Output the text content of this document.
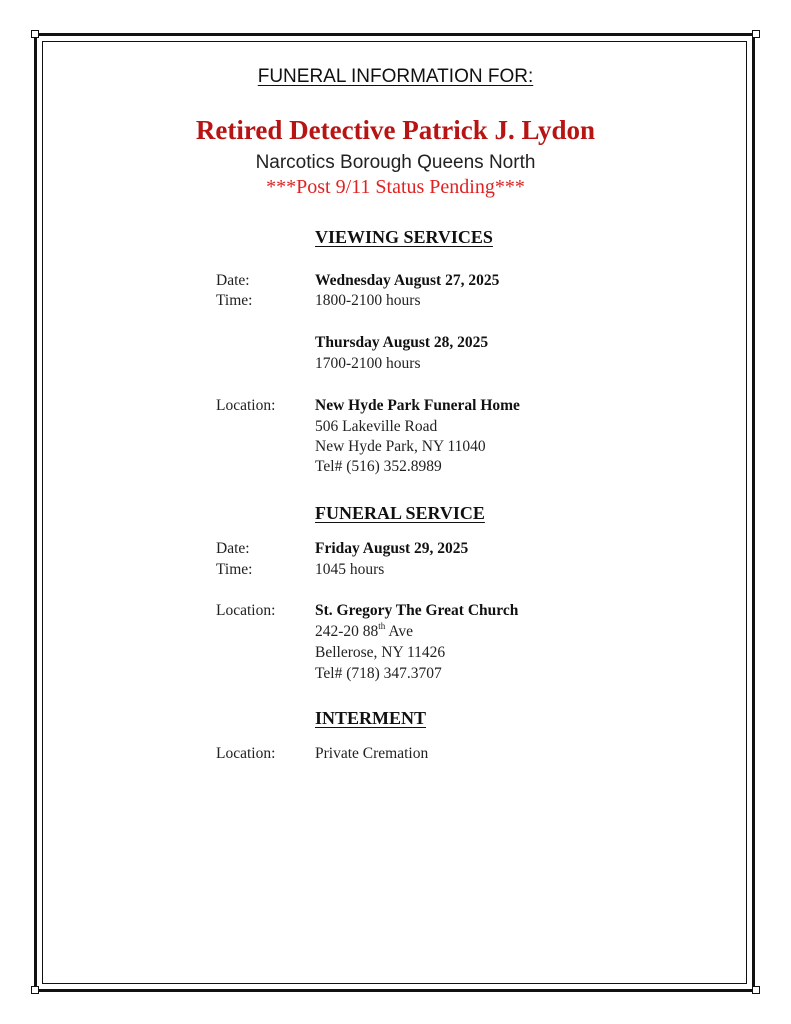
FUNERAL INFORMATION FOR:
Retired Detective Patrick J. Lydon
Narcotics Borough Queens North
***Post 9/11 Status Pending***
VIEWING SERVICES
Date:	Wednesday August 27, 2025
Time:	1800-2100 hours
Thursday August 28, 2025
1700-2100 hours
Location:	New Hyde Park Funeral Home
506 Lakeville Road
New Hyde Park, NY 11040
Tel# (516) 352.8989
FUNERAL SERVICE
Date:	Friday August 29, 2025
Time:	1045 hours
Location:	St. Gregory The Great Church
242-20 88th Ave
Bellerose, NY 11426
Tel# (718) 347.3707
INTERMENT
Location:	Private Cremation
